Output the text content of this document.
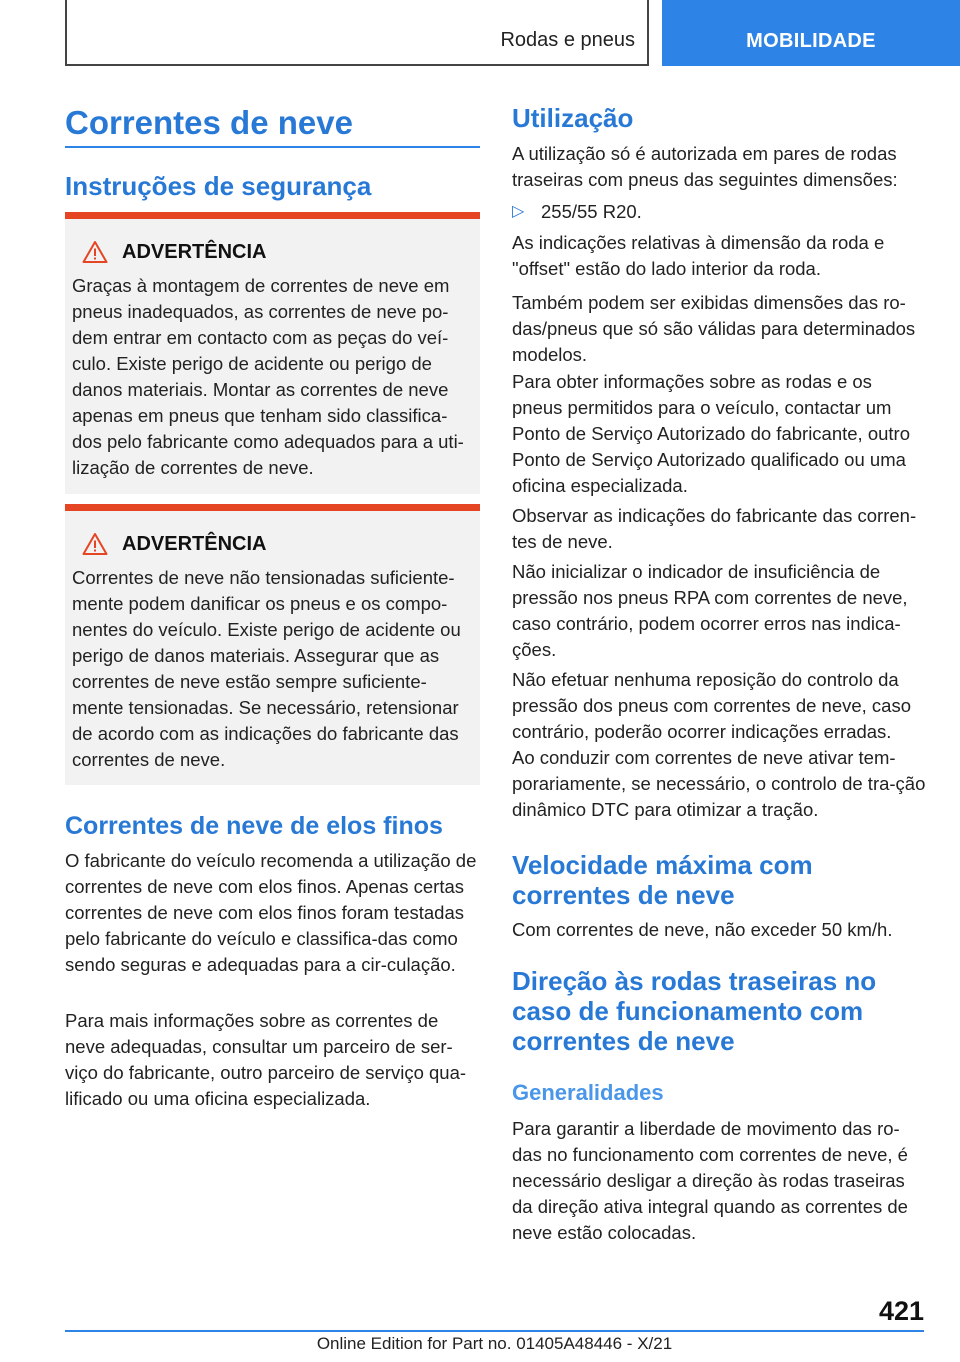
Rodas e pneus	MOBILIDADE
Correntes de neve
Instruções de segurança
ADVERTÊNCIA
Graças à montagem de correntes de neve em pneus inadequados, as correntes de neve po-dem entrar em contacto com as peças do veí-culo. Existe perigo de acidente ou perigo de danos materiais. Montar as correntes de neve apenas em pneus que tenham sido classifica-dos pelo fabricante como adequados para a uti-lização de correntes de neve.
ADVERTÊNCIA
Correntes de neve não tensionadas suficiente-mente podem danificar os pneus e os compo-nentes do veículo. Existe perigo de acidente ou perigo de danos materiais. Assegurar que as correntes de neve estão sempre suficiente-mente tensionadas. Se necessário, retensionar de acordo com as indicações do fabricante das correntes de neve.
Correntes de neve de elos finos
O fabricante do veículo recomenda a utilização de correntes de neve com elos finos. Apenas certas correntes de neve com elos finos foram testadas pelo fabricante do veículo e classifica-das como sendo seguras e adequadas para a cir-culação.
Para mais informações sobre as correntes de neve adequadas, consultar um parceiro de ser-viço do fabricante, outro parceiro de serviço qua-lificado ou uma oficina especializada.
Utilização
A utilização só é autorizada em pares de rodas traseiras com pneus das seguintes dimensões:
▷ 255/55 R20.
As indicações relativas à dimensão da roda e "offset" estão do lado interior da roda.
Também podem ser exibidas dimensões das ro-das/pneus que só são válidas para determinados modelos.
Para obter informações sobre as rodas e os pneus permitidos para o veículo, contactar um Ponto de Serviço Autorizado do fabricante, outro Ponto de Serviço Autorizado qualificado ou uma oficina especializada.
Observar as indicações do fabricante das corren-tes de neve.
Não inicializar o indicador de insuficiência de pressão nos pneus RPA com correntes de neve, caso contrário, podem ocorrer erros nas indica-ções.
Não efetuar nenhuma reposição do controlo da pressão dos pneus com correntes de neve, caso contrário, poderão ocorrer indicações erradas.
Ao conduzir com correntes de neve ativar tem-porariamente, se necessário, o controlo de tra-ção dinâmico DTC para otimizar a tração.
Velocidade máxima com correntes de neve
Com correntes de neve, não exceder 50 km/h.
Direção às rodas traseiras no caso de funcionamento com correntes de neve
Generalidades
Para garantir a liberdade de movimento das ro-das no funcionamento com correntes de neve, é necessário desligar a direção às rodas traseiras da direção ativa integral quando as correntes de neve estão colocadas.
421
Online Edition for Part no. 01405A48446 - X/21
